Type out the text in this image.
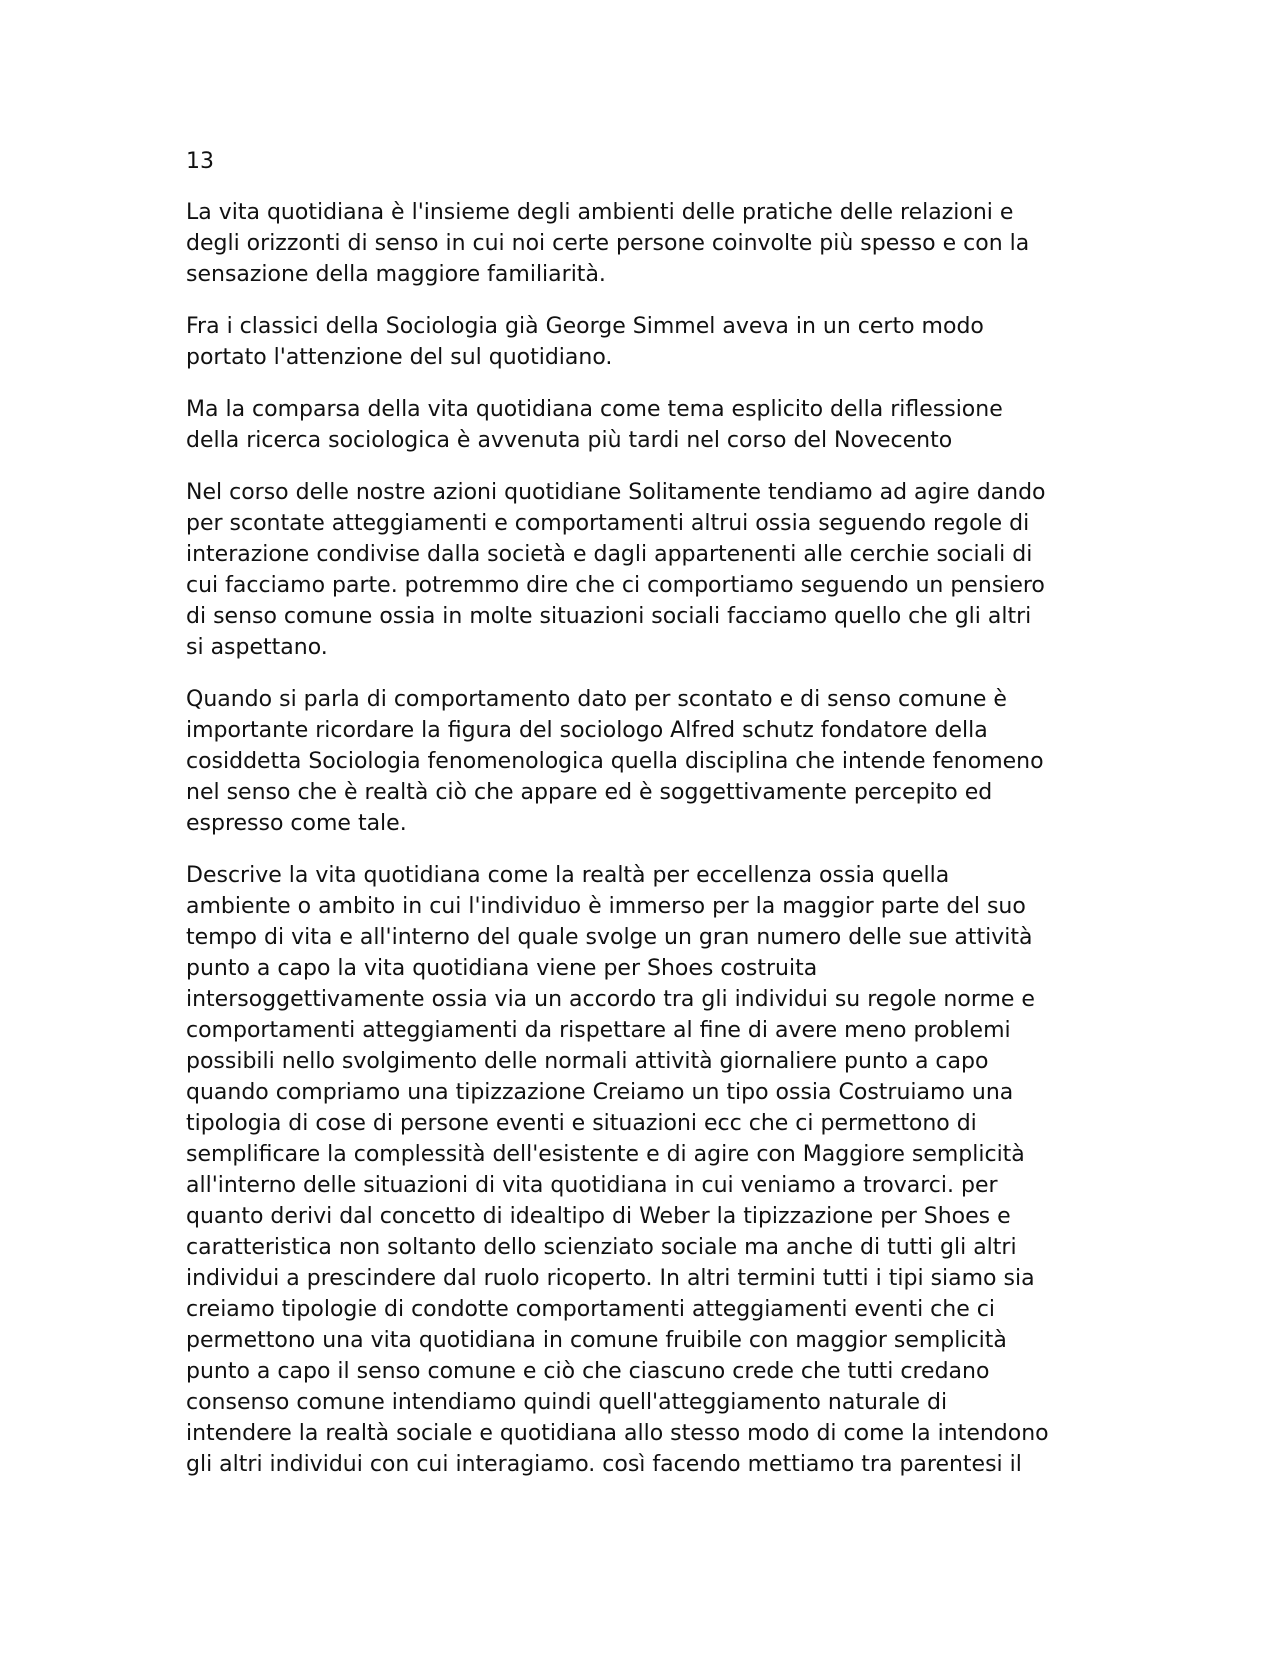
13

La vita quotidiana è l'insieme degli ambienti delle pratiche delle relazioni e
degli orizzonti di senso in cui noi certe persone coinvolte più spesso e con la
sensazione della maggiore familiarità.

Fra i classici della Sociologia già George Simmel aveva in un certo modo
portato l'attenzione del sul quotidiano.

Ma la comparsa della vita quotidiana come tema esplicito della riflessione
della ricerca sociologica è avvenuta più tardi nel corso del Novecento

Nel corso delle nostre azioni quotidiane Solitamente tendiamo ad agire dando
per scontate atteggiamenti e comportamenti altrui ossia seguendo regole di
interazione condivise dalla società e dagli appartenenti alle cerchie sociali di
cui facciamo parte. potremmo dire che ci comportiamo seguendo un pensiero
di senso comune ossia in molte situazioni sociali facciamo quello che gli altri
si aspettano.

Quando si parla di comportamento dato per scontato e di senso comune è
importante ricordare la figura del sociologo Alfred schutz fondatore della
cosiddetta Sociologia fenomenologica quella disciplina che intende fenomeno
nel senso che è realtà ciò che appare ed è soggettivamente percepito ed
espresso come tale.

Descrive la vita quotidiana come la realtà per eccellenza ossia quella
ambiente o ambito in cui l'individuo è immerso per la maggior parte del suo
tempo di vita e all'interno del quale svolge un gran numero delle sue attività
punto a capo la vita quotidiana viene per Shoes costruita
intersoggettivamente ossia via un accordo tra gli individui su regole norme e
comportamenti atteggiamenti da rispettare al fine di avere meno problemi
possibili nello svolgimento delle normali attività giornaliere punto a capo
quando compriamo una tipizzazione Creiamo un tipo ossia Costruiamo una
tipologia di cose di persone eventi e situazioni ecc che ci permettono di
semplificare la complessità dell'esistente e di agire con Maggiore semplicità
all'interno delle situazioni di vita quotidiana in cui veniamo a trovarci. per
quanto derivi dal concetto di idealtipo di Weber la tipizzazione per Shoes e
caratteristica non soltanto dello scienziato sociale ma anche di tutti gli altri
individui a prescindere dal ruolo ricoperto. In altri termini tutti i tipi siamo sia
creiamo tipologie di condotte comportamenti atteggiamenti eventi che ci
permettono una vita quotidiana in comune fruibile con maggior semplicità
punto a capo il senso comune e ciò che ciascuno crede che tutti credano
consenso comune intendiamo quindi quell'atteggiamento naturale di
intendere la realtà sociale e quotidiana allo stesso modo di come la intendono
gli altri individui con cui interagiamo. così facendo mettiamo tra parentesi il
